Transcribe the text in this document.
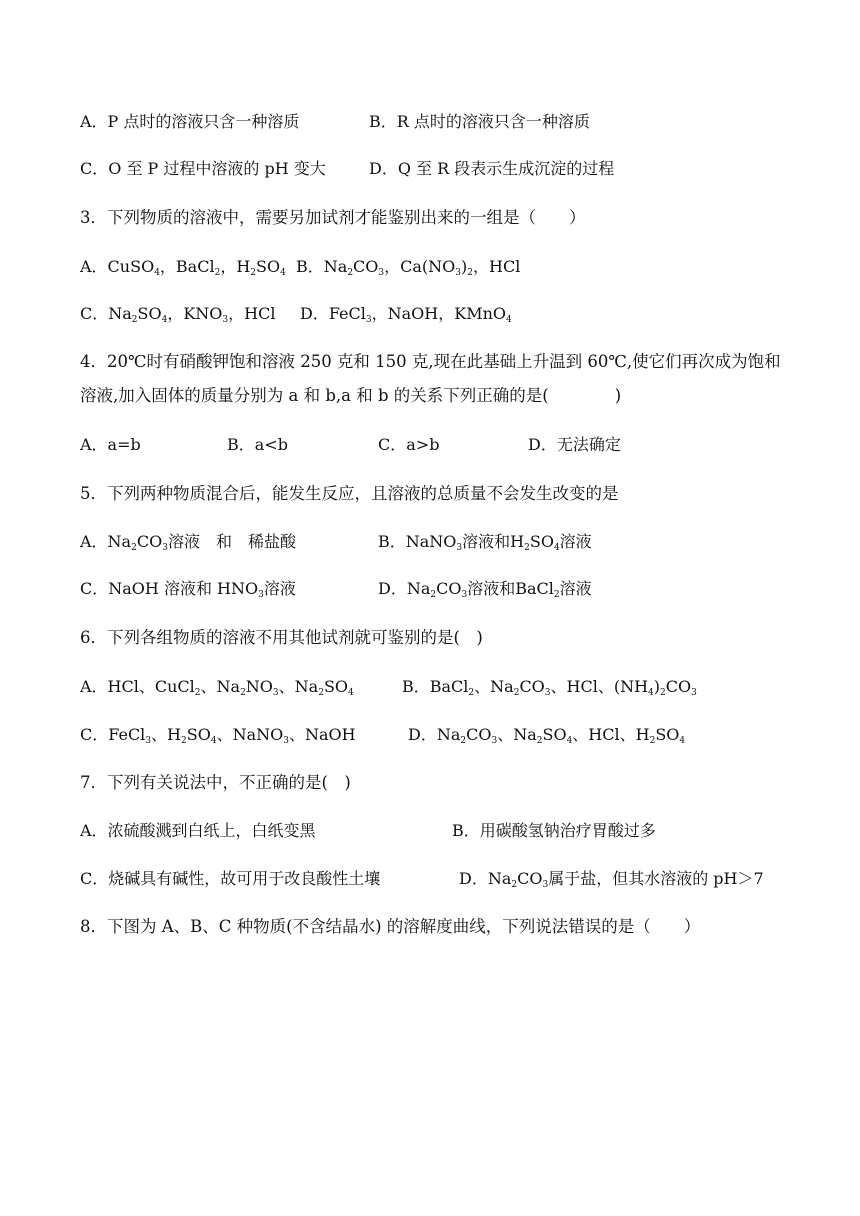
A．P 点时的溶液只含一种溶质	B．R 点时的溶液只含一种溶质
C．O 至 P 过程中溶液的 pH 变大	D．Q 至 R 段表示生成沉淀的过程
3．下列物质的溶液中，需要另加试剂才能鉴别出来的一组是（　　）
A．CuSO$_4$，BaCl$_2$，$H_2SO_4$ B．$Na_2CO_3$，$Ca(NO_3)_2$，HCl
C．$Na_2SO_4$，$KNO_3$，HCl D．FeCl$_3$，NaOH，KMnO$_4$
4．20℃时有硝酸钾饱和溶液 250 克和 150 克,现在此基础上升温到 60℃,使它们再次成为饱和
溶液,加入固体的质量分别为 a 和 b,a 和 b 的关系下列正确的是(　　　　)
A．a=b	B．a<b	C．a>b	D．无法确定
5．下列两种物质混合后，能发生反应，且溶液的总质量不会发生改变的是
A．$Na_2CO_3$溶液　和　稀盐酸	B．NaNO$_3$溶液和$H_2SO_4$溶液
C．NaOH 溶液和 $HNO_3$溶液	D．$Na_2CO_3$溶液和BaCl$_2$溶液
6．下列各组物质的溶液不用其他试剂就可鉴别的是(　)
A．HCl、CuCl$_2$、$Na_2NO_3$、$Na_2SO_4$	B．BaCl$_2$、$Na_2CO_3$、HCl、$(NH_4)_2CO_3$
C．FeCl$_3$、$H_2SO_4$、NaNO$_3$、NaOH	D．$Na_2CO_3$、$Na_2SO_4$、HCl、$H_2SO_4$
7．下列有关说法中，不正确的是(　)
A．浓硫酸溅到白纸上，白纸变黑	B．用碳酸氢钠治疗胃酸过多
C．烧碱具有碱性，故可用于改良酸性土壤	D．$Na_2CO_3$属于盐，但其水溶液的 pH＞7
8．下图为 A、B、C 种物质(不含结晶水) 的溶解度曲线，下列说法错误的是（　　）
